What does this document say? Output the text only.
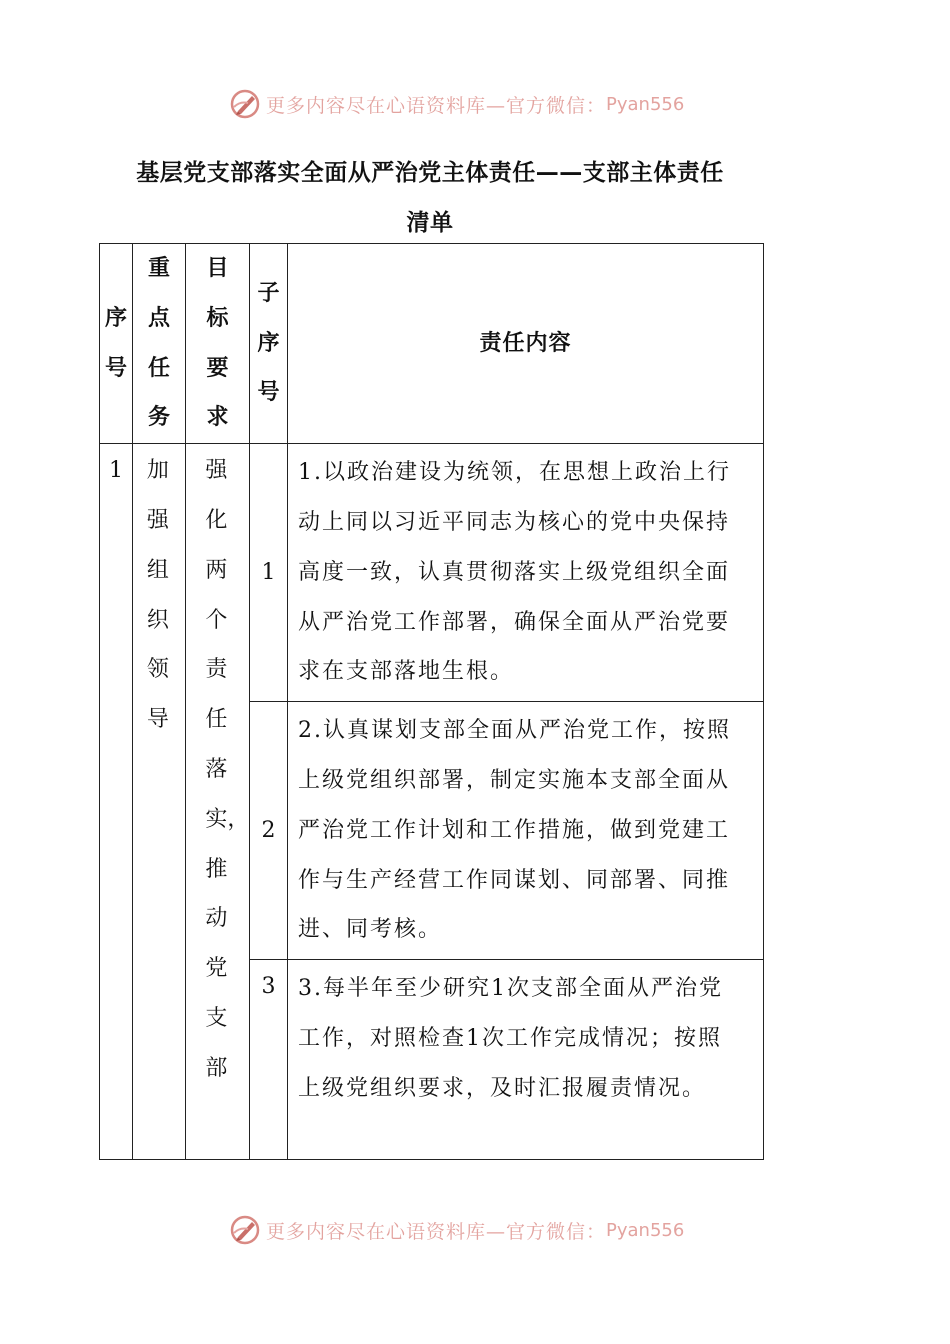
更多内容尽在心语资料库—官方微信： Pyan556
基层党支部落实全面从严治党主体责任——支部主体责任
清单
序号	重点任务	目标要求	子序号	责任内容
1	加强组织领导	强化两个责任落实，推动党支部	1	1.以政治建设为统领，在思想上政治上行动上同以习近平同志为核心的党中央保持高度一致，认真贯彻落实上级党组织全面从严治党工作部署，确保全面从严治党要求在支部落地生根。
			2	2.认真谋划支部全面从严治党工作，按照上级党组织部署，制定实施本支部全面从严治党工作计划和工作措施，做到党建工作与生产经营工作同谋划、同部署、同推进、同考核。
			3	3.每半年至少研究1次支部全面从严治党工作，对照检查1次工作完成情况；按照上级党组织要求，及时汇报履责情况。
更多内容尽在心语资料库—官方微信： Pyan556
